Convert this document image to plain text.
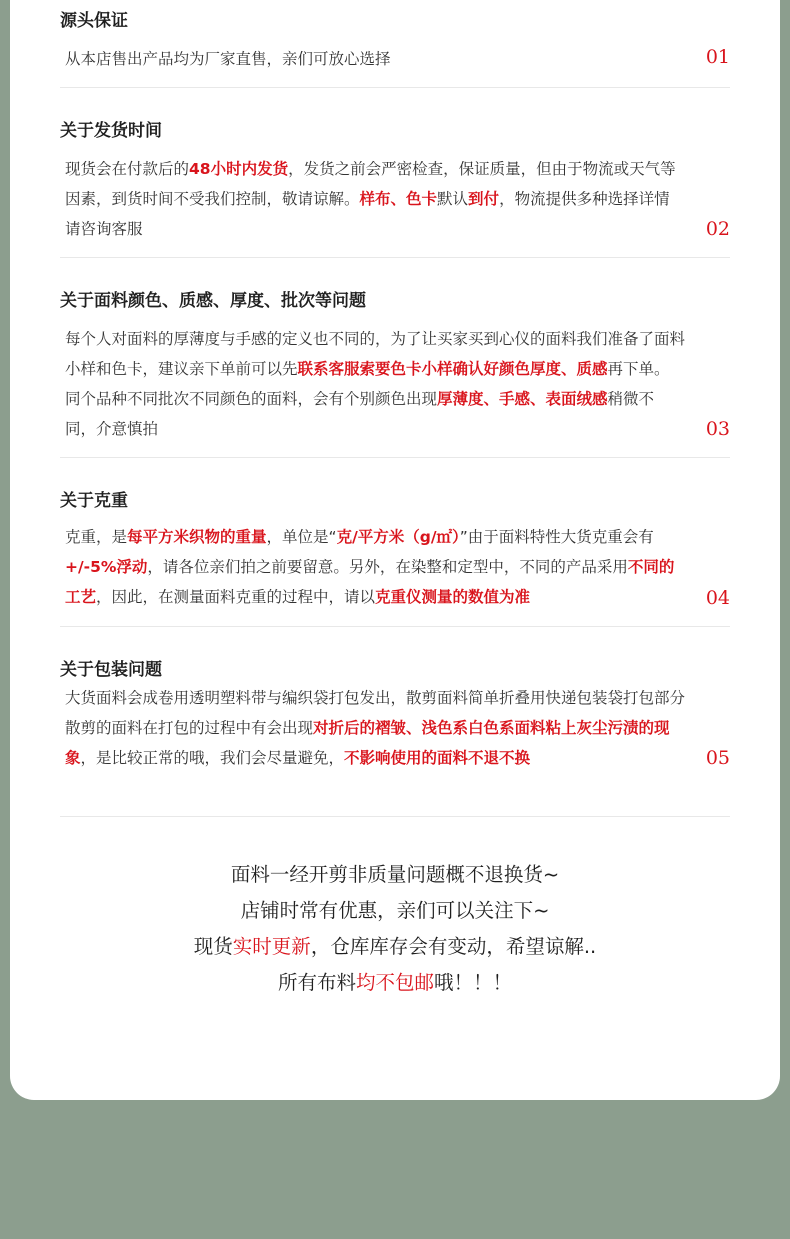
源头保证
从本店售出产品均为厂家直售，亲们可放心选择	01
关于发货时间
现货会在付款后的48小时内发货，发货之前会严密检查，保证质量，但由于物流或天气等因素，到货时间不受我们控制，敬请谅解。样布、色卡默认到付，物流提供多种选择详情请咨询客服	02
关于面料颜色、质感、厚度、批次等问题
每个人对面料的厚薄度与手感的定义也不同的，为了让买家买到心仪的面料我们准备了面料小样和色卡，建议亲下单前可以先联系客服索要色卡小样确认好颜色厚度、质感再下单。同个品种不同批次不同颜色的面料，会有个别颜色出现厚薄度、手感、表面绒感稍微不同，介意慎拍	03
关于克重
克重，是每平方米织物的重量，单位是“克/平方米（g/㎡）”由于面料特性大货克重会有+/-5%浮动，请各位亲们拍之前要留意。另外，在染整和定型中，不同的产品采用不同的工艺，因此，在测量面料克重的过程中，请以克重仪测量的数值为准	04
关于包装问题
大货面料会成卷用透明塑料带与编织袋打包发出，散剪面料简单折叠用快递包装袋打包部分散剪的面料在打包的过程中有会出现对折后的褶皱、浅色系白色系面料粘上灰尘污渍的现象，是比较正常的哦，我们会尽量避免，不影响使用的面料不退不换	05
面料一经开剪非质量问题概不退换货~
店铺时常有优惠，亲们可以关注下~
现货实时更新，仓库库存会有变动，希望谅解..
所有布料均不包邮哦！！！
